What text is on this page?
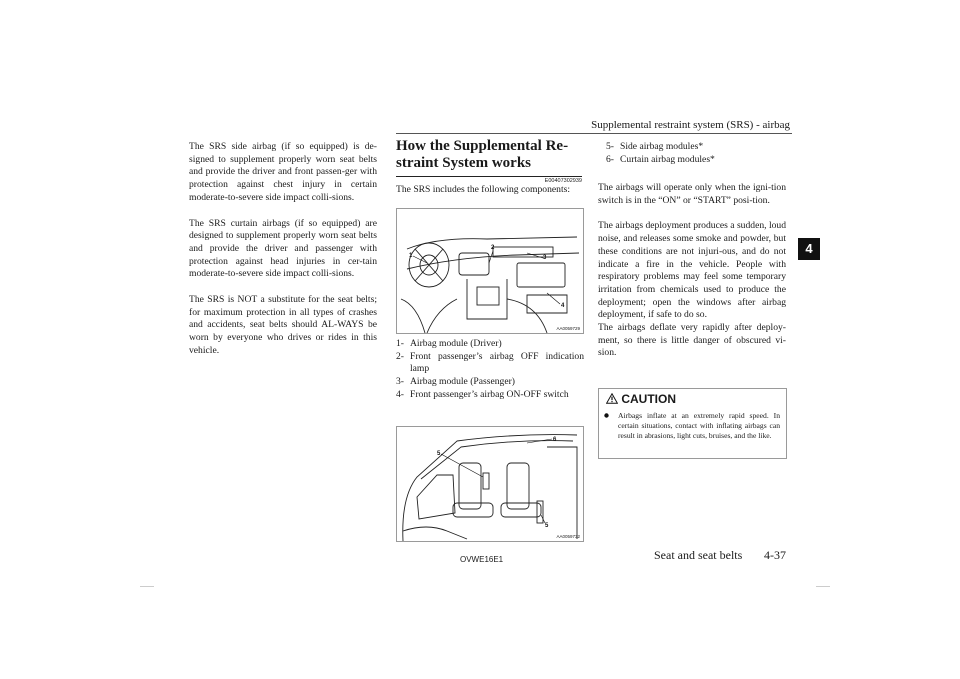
Supplemental restraint system (SRS) - airbag
4

The SRS side airbag (if so equipped) is de-signed to supplement properly worn seat belts and provide the driver and front passen-ger with protection against chest injury in certain moderate-to-severe side impact colli-sions.

The SRS curtain airbags (if so equipped) are designed to supplement properly worn seat belts and provide the driver and passenger with protection against head injuries in cer-tain moderate-to-severe side impact colli-sions.

The SRS is NOT a substitute for the seat belts; for maximum protection in all types of crashes and accidents, seat belts should AL-WAYS be worn by everyone who drives or rides in this vehicle.

How the Supplemental Re-straint System works
E00407302939
The SRS includes the following components:
1
2
3
4
AA0059729
1- Airbag module (Driver)
2- Front passenger’s airbag OFF indication lamp
3- Airbag module (Passenger)
4- Front passenger’s airbag ON-OFF switch
5
6
5
AA0059732
5- Side airbag modules*
6- Curtain airbag modules*

The airbags will operate only when the igni-tion switch is in the “ON” or “START” posi-tion.

The airbags deployment produces a sudden, loud noise, and releases some smoke and powder, but these conditions are not injuri-ous, and do not indicate a fire in the vehicle. People with respiratory problems may feel some temporary irritation from chemicals used to produce the deployment; open the windows after airbag deployment, if safe to do so.

The airbags deflate very rapidly after deploy-ment, so there is little danger of obscured vi-sion.

CAUTION
Airbags inflate at an extremely rapid speed. In certain situations, contact with inflating airbags can result in abrasions, light cuts, bruises, and the like.
OVWE16E1	Seat and seat belts 4-37
